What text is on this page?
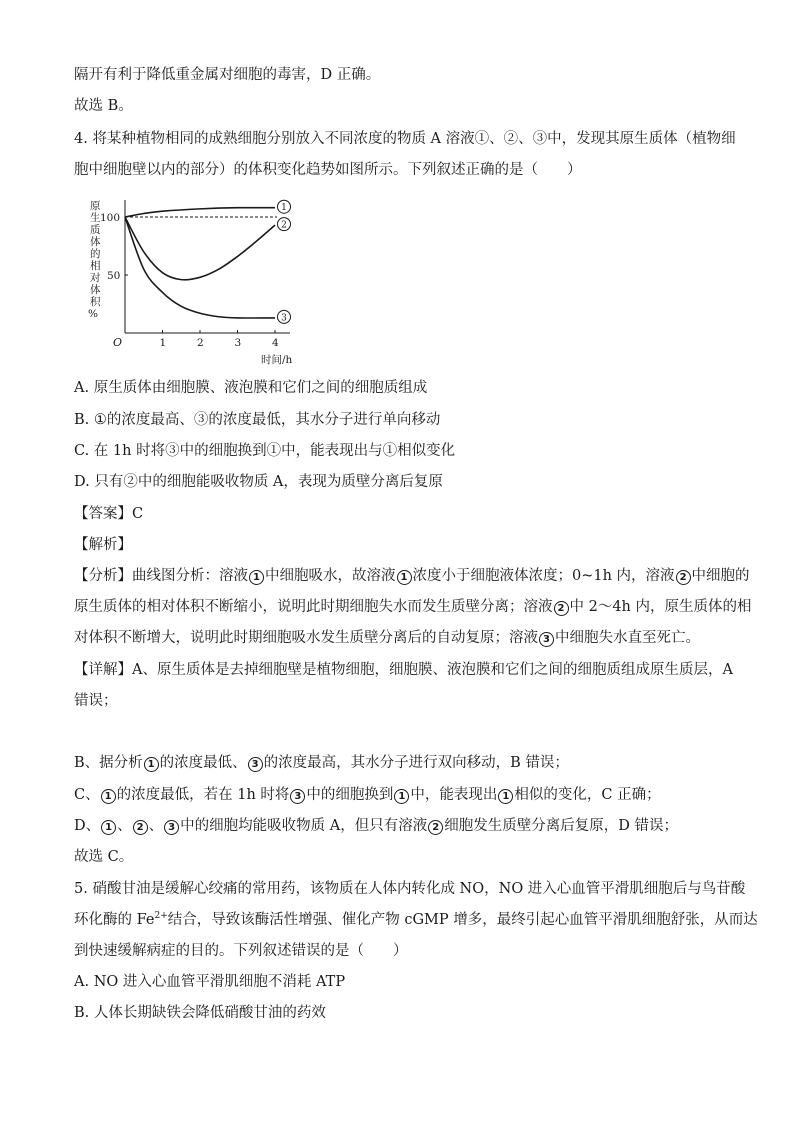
隔开有利于降低重金属对细胞的毒害，D 正确。
故选 B。
4. 将某种植物相同的成熟细胞分别放入不同浓度的物质 A 溶液①、②、③中，发现其原生质体（植物细
胞中细胞壁以内的部分）的体积变化趋势如图所示。下列叙述正确的是（　　）
原生质体的相对体积%
O	1	2	3	4
50
100
1
2
3
时间/h
A. 原生质体由细胞膜、液泡膜和它们之间的细胞质组成
B. ①的浓度最高、③的浓度最低，其水分子进行单向移动
C. 在 1h 时将③中的细胞换到①中，能表现出与①相似变化
D. 只有②中的细胞能吸收物质 A，表现为质壁分离后复原
【答案】C
【解析】
【分析】曲线图分析：溶液 1 中细胞吸水，故溶液 1 浓度小于细胞液体浓度；0~1h 内，溶液 2 中细胞的
原生质体的相对体积不断缩小，说明此时期细胞失水而发生质壁分离；溶液 2 中 2～4h 内，原生质体的相
对体积不断增大，说明此时期细胞吸水发生质壁分离后的自动复原；溶液 3 中细胞失水直至死亡。
【详解】A、原生质体是去掉细胞壁是植物细胞，细胞膜、液泡膜和它们之间的细胞质组成原生质层，A
错误；
B、据分析 1 的浓度最低、 3 的浓度最高，其水分子进行双向移动，B 错误；
C、 1 的浓度最低，若在 1h 时将 3 中的细胞换到 1 中，能表现出 1 相似的变化，C 正确；
D、 1 、 2 、 3 中的细胞均能吸收物质 A，但只有溶液 2 细胞发生质壁分离后复原，D 错误；
故选 C。
5. 硝酸甘油是缓解心绞痛的常用药，该物质在人体内转化成 NO，NO 进入心血管平滑肌细胞后与鸟苷酸
环化酶的 $Fe^{2+}$结合，导致该酶活性增强、催化产物 cGMP 增多，最终引起心血管平滑肌细胞舒张，从而达
到快速缓解病症的目的。下列叙述错误的是（　　）
A. NO 进入心血管平滑肌细胞不消耗 ATP
B. 人体长期缺铁会降低硝酸甘油的药效
